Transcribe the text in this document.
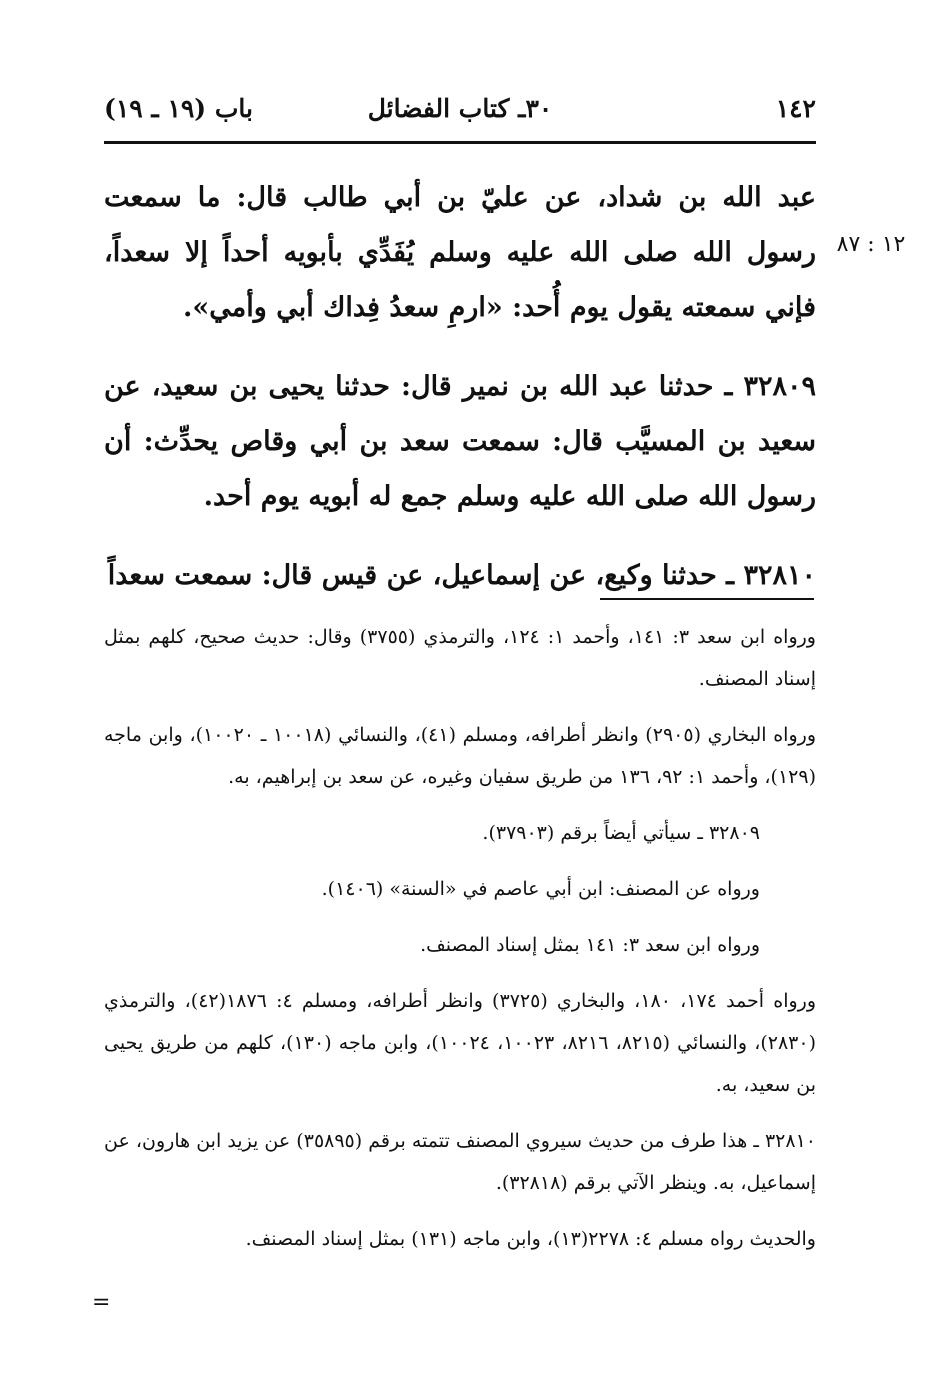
١٤٢
٣٠ـ كتاب الفضائل
باب (١٩ ـ ١٩)
١٢ : ٨٧

عبد الله بن شداد، عن عليّ بن أبي طالب قال: ما سمعت رسول الله صلى الله عليه وسلم يُفَدِّي بأبويه أحداً إلا سعداً، فإني سمعته يقول يوم أُحد: «ارمِ سعدُ فِداك أبي وأمي».

٣٢٨٠٩ ـ حدثنا عبد الله بن نمير قال: حدثنا يحيى بن سعيد، عن سعيد بن المسيَّب قال: سمعت سعد بن أبي وقاص يحدِّث: أن رسول الله صلى الله عليه وسلم جمع له أبويه يوم أحد.

٣٢٨١٠ ـ حدثنا وكيع، عن إسماعيل، عن قيس قال: سمعت سعداً

ورواه ابن سعد ٣: ١٤١، وأحمد ١: ١٢٤، والترمذي (٣٧٥٥) وقال: حديث صحيح، كلهم بمثل إسناد المصنف.

ورواه البخاري (٢٩٠٥) وانظر أطرافه، ومسلم (٤١)، والنسائي (١٠٠١٨ ـ ١٠٠٢٠)، وابن ماجه (١٢٩)، وأحمد ١: ٩٢، ١٣٦ من طريق سفيان وغيره، عن سعد بن إبراهيم، به.

٣٢٨٠٩ ـ سيأتي أيضاً برقم (٣٧٩٠٣).

ورواه عن المصنف: ابن أبي عاصم في «السنة» (١٤٠٦).

ورواه ابن سعد ٣: ١٤١ بمثل إسناد المصنف.

ورواه أحمد ١٧٤، ١٨٠، والبخاري (٣٧٢٥) وانظر أطرافه، ومسلم ٤: ١٨٧٦(٤٢)، والترمذي (٢٨٣٠)، والنسائي (٨٢١٥، ٨٢١٦، ١٠٠٢٣، ١٠٠٢٤)، وابن ماجه (١٣٠)، كلهم من طريق يحيى بن سعيد، به.

٣٢٨١٠ ـ هذا طرف من حديث سيروي المصنف تتمته برقم (٣٥٨٩٥) عن يزيد ابن هارون، عن إسماعيل، به. وينظر الآتي برقم (٣٢٨١٨).

والحديث رواه مسلم ٤: ٢٢٧٨(١٣)، وابن ماجه (١٣١) بمثل إسناد المصنف.

=
